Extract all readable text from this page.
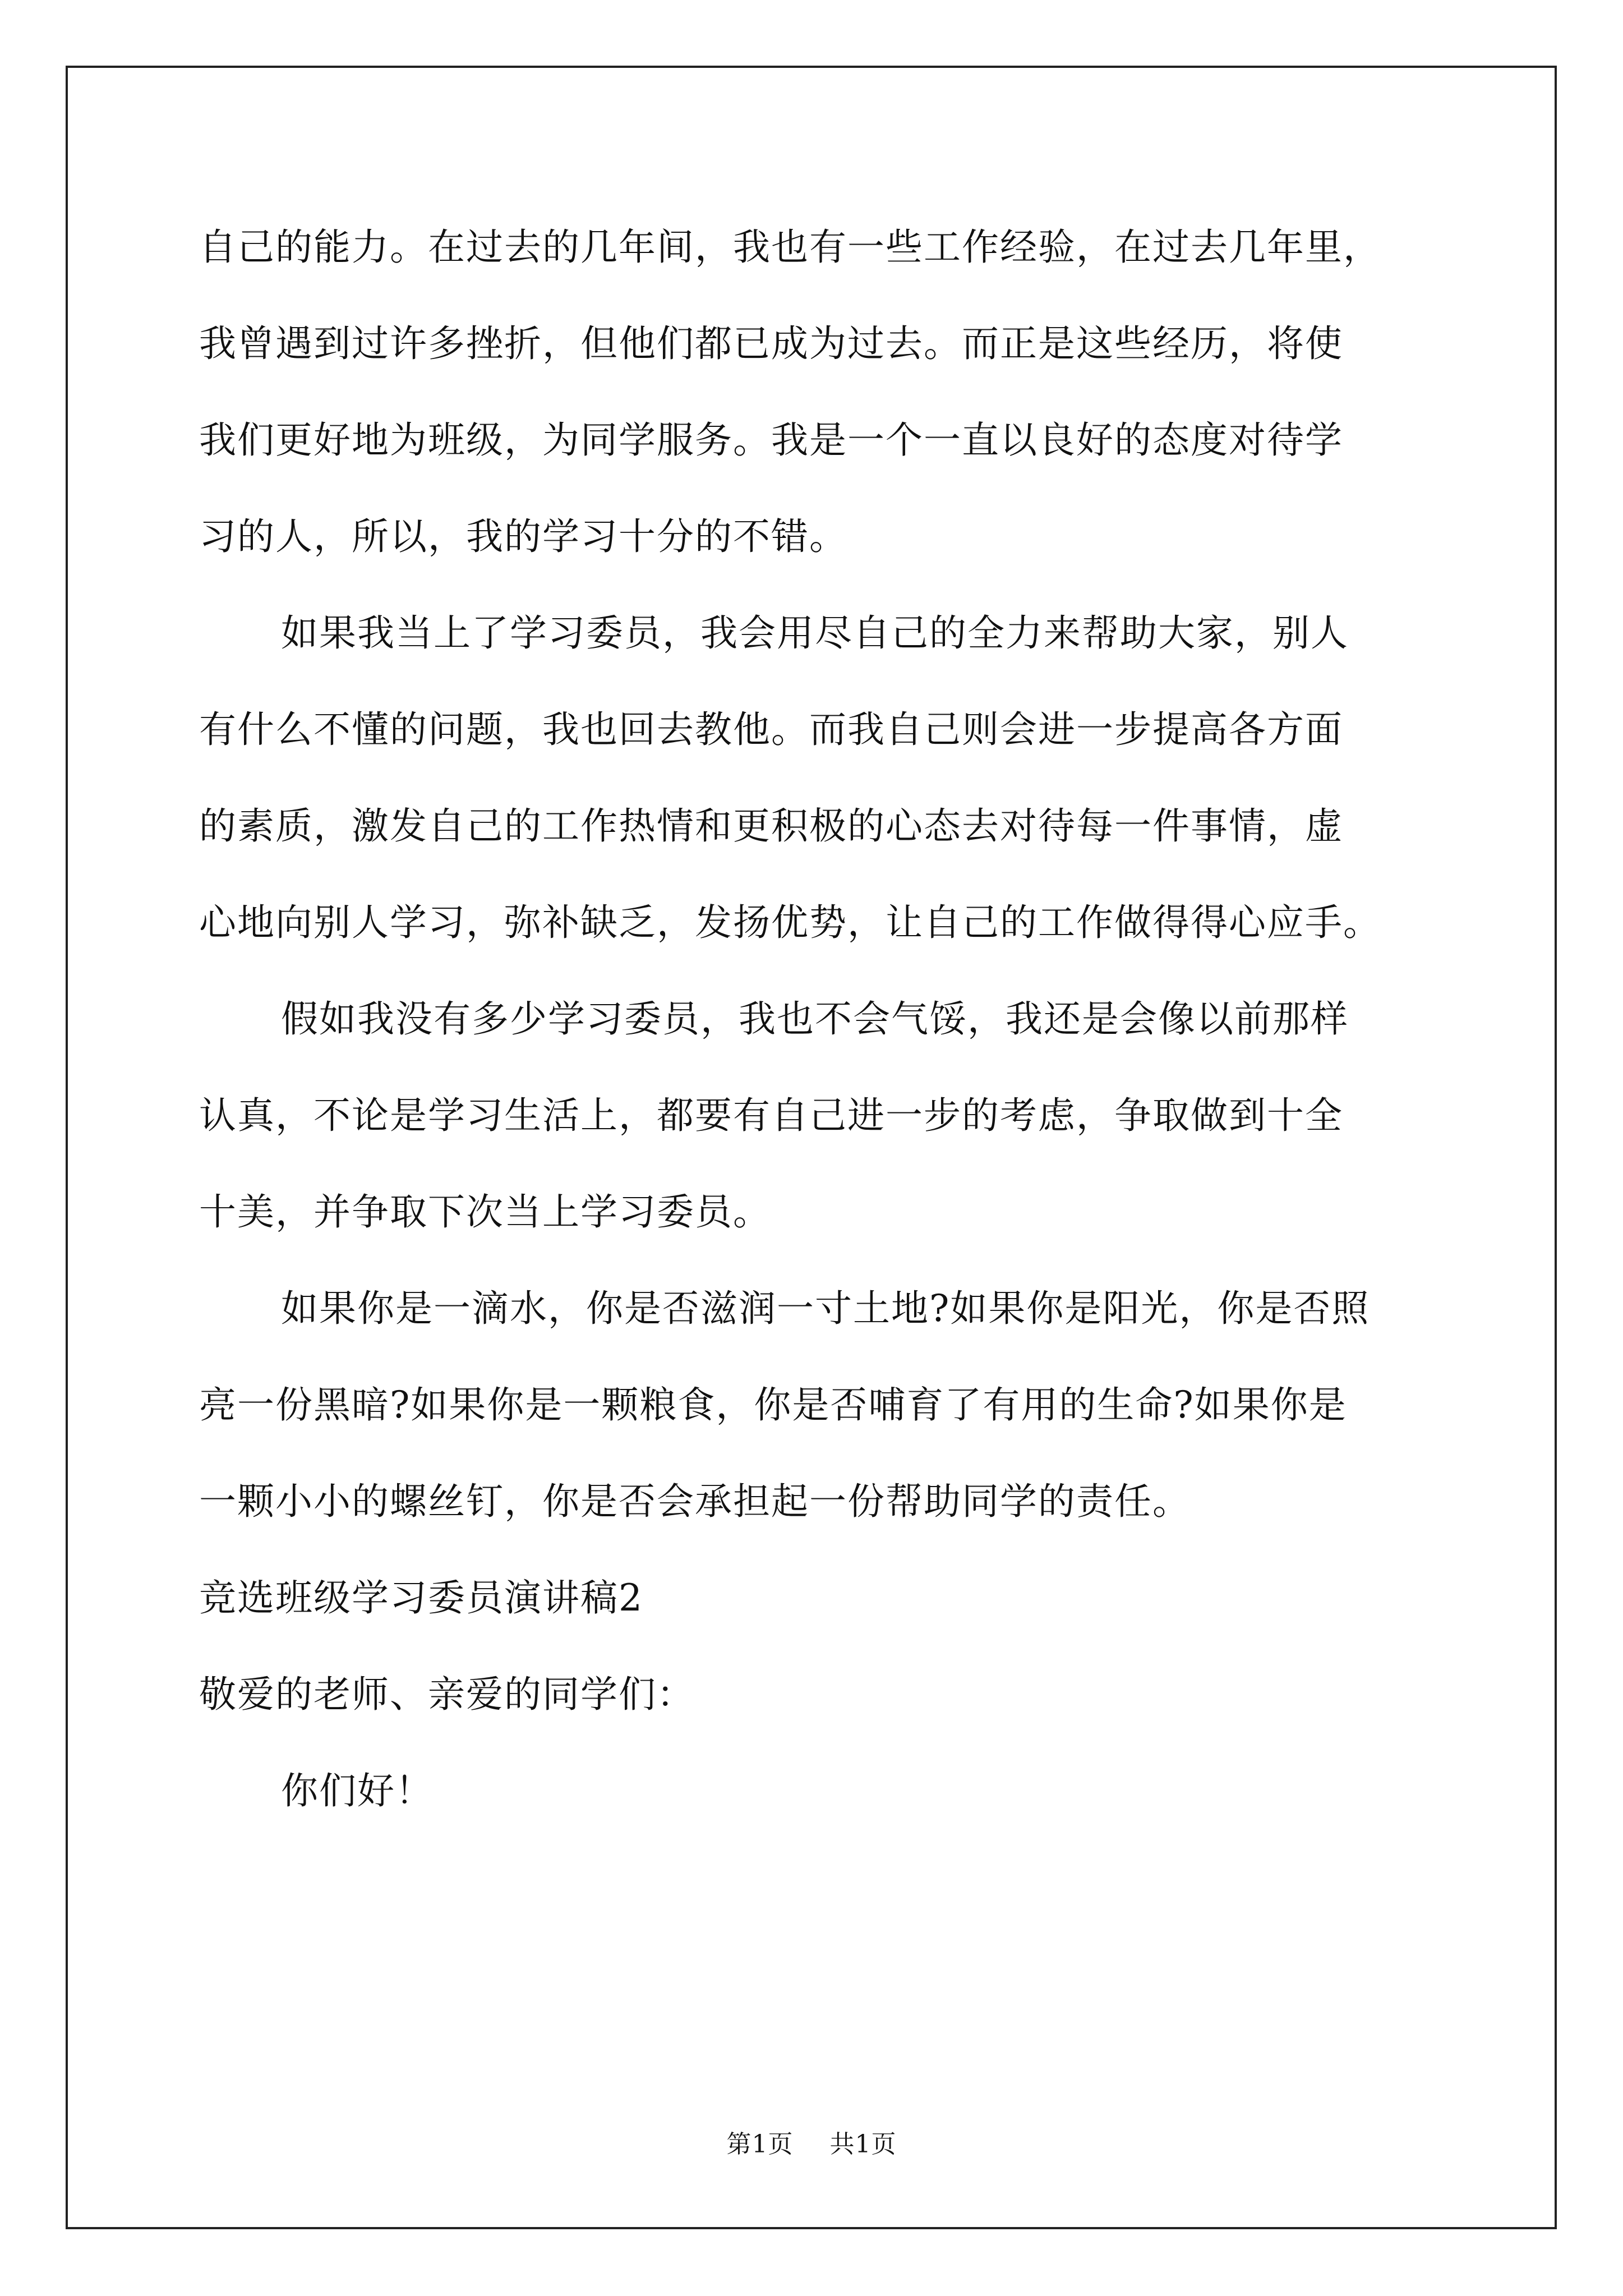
自己的能力。在过去的几年间，我也有一些工作经验，在过去几年里，
我曾遇到过许多挫折，但他们都已成为过去。而正是这些经历，将使
我们更好地为班级，为同学服务。我是一个一直以良好的态度对待学
习的人，所以，我的学习十分的不错。
如果我当上了学习委员，我会用尽自己的全力来帮助大家，别人
有什么不懂的问题，我也回去教他。而我自己则会进一步提高各方面
的素质，激发自己的工作热情和更积极的心态去对待每一件事情，虚
心地向别人学习，弥补缺乏，发扬优势，让自己的工作做得得心应手。
假如我没有多少学习委员，我也不会气馁，我还是会像以前那样
认真，不论是学习生活上，都要有自己进一步的考虑，争取做到十全
十美，并争取下次当上学习委员。
如果你是一滴水，你是否滋润一寸土地?如果你是阳光，你是否照
亮一份黑暗?如果你是一颗粮食，你是否哺育了有用的生命?如果你是
一颗小小的螺丝钉，你是否会承担起一份帮助同学的责任。
竞选班级学习委员演讲稿2
敬爱的老师、亲爱的同学们：
你们好！
第1页 共1页
